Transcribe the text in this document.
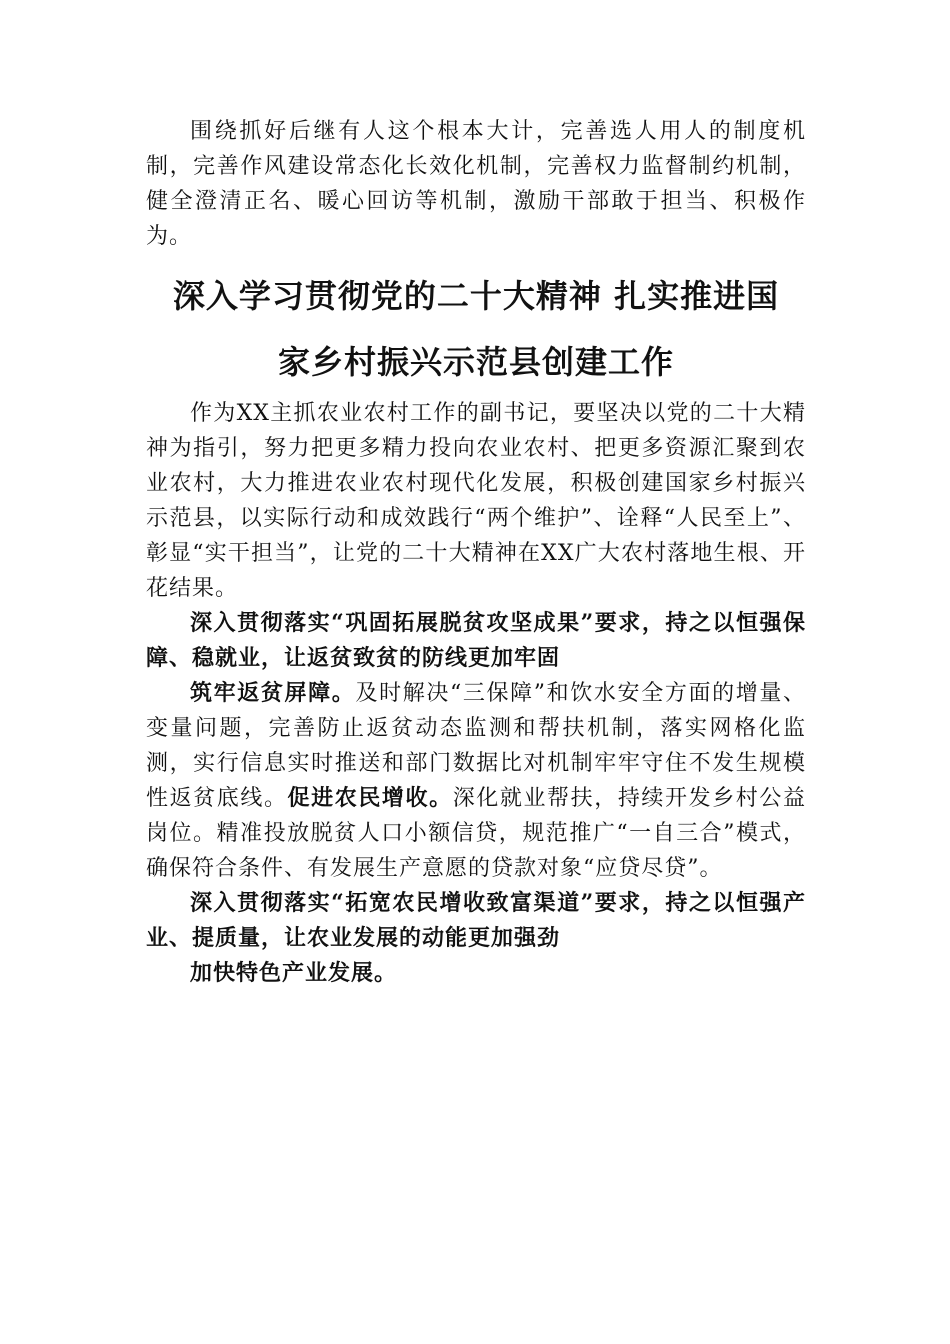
围绕抓好后继有人这个根本大计，完善选人用人的制度机制，完善作风建设常态化长效化机制，完善权力监督制约机制，健全澄清正名、暖心回访等机制，激励干部敢于担当、积极作为。

深入学习贯彻党的二十大精神 扎实推进国
家乡村振兴示范县创建工作

作为XX主抓农业农村工作的副书记，要坚决以党的二十大精神为指引，努力把更多精力投向农业农村、把更多资源汇聚到农业农村，大力推进农业农村现代化发展，积极创建国家乡村振兴示范县，以实际行动和成效践行“两个维护”、诠释“人民至上”、彰显“实干担当”，让党的二十大精神在XX广大农村落地生根、开花结果。

深入贯彻落实“巩固拓展脱贫攻坚成果”要求，持之以恒强保障、稳就业，让返贫致贫的防线更加牢固

筑牢返贫屏障。及时解决“三保障”和饮水安全方面的增量、变量问题，完善防止返贫动态监测和帮扶机制，落实网格化监测，实行信息实时推送和部门数据比对机制牢牢守住不发生规模性返贫底线。促进农民增收。深化就业帮扶，持续开发乡村公益岗位。精准投放脱贫人口小额信贷，规范推广“一自三合”模式，确保符合条件、有发展生产意愿的贷款对象“应贷尽贷”。

深入贯彻落实“拓宽农民增收致富渠道”要求，持之以恒强产业、提质量，让农业发展的动能更加强劲

加快特色产业发展。
